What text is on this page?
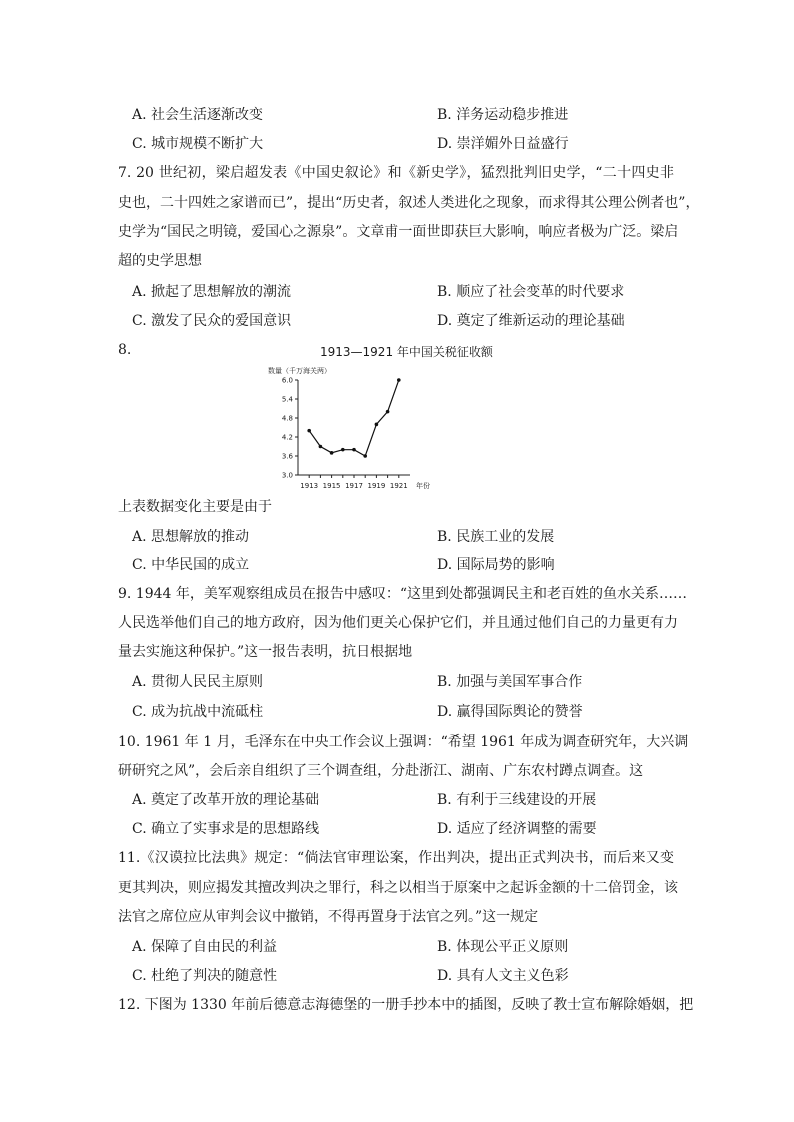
A. 社会生活逐渐改变	B. 洋务运动稳步推进
C. 城市规模不断扩大	D. 崇洋媚外日益盛行
7. 20 世纪初，梁启超发表《中国史叙论》和《新史学》，猛烈批判旧史学，“二十四史非
史也，二十四姓之家谱而已”，提出“历史者，叙述人类进化之现象，而求得其公理公例者也”，
史学为“国民之明镜，爱国心之源泉”。文章甫一面世即获巨大影响，响应者极为广泛。梁启
超的史学思想
A. 掀起了思想解放的潮流	B. 顺应了社会变革的时代要求
C. 激发了民众的爱国意识	D. 奠定了维新运动的理论基础
8.	1913—1921 年中国关税征收额
数量（千万海关两）
年份
3.0
3.6
4.2
4.8
5.4
6.0
1913 1915 1917 1919 1921
上表数据变化主要是由于
A. 思想解放的推动	B. 民族工业的发展
C. 中华民国的成立	D. 国际局势的影响
9. 1944 年，美军观察组成员在报告中感叹：“这里到处都强调民主和老百姓的鱼水关系……
人民选举他们自己的地方政府，因为他们更关心保护它们，并且通过他们自己的力量更有力
量去实施这种保护。”这一报告表明，抗日根据地
A. 贯彻人民民主原则	B. 加强与美国军事合作
C. 成为抗战中流砥柱	D. 赢得国际舆论的赞誉
10. 1961 年 1 月，毛泽东在中央工作会议上强调：“希望 1961 年成为调查研究年，大兴调
研研究之风”，会后亲自组织了三个调查组，分赴浙江、湖南、广东农村蹲点调查。这
A. 奠定了改革开放的理论基础	B. 有利于三线建设的开展
C. 确立了实事求是的思想路线	D. 适应了经济调整的需要
11.《汉谟拉比法典》规定：“倘法官审理讼案，作出判决，提出正式判决书，而后来又变
更其判决，则应揭发其擅改判决之罪行，科之以相当于原案中之起诉金额的十二倍罚金，该
法官之席位应从审判会议中撤销，不得再置身于法官之列。”这一规定
A. 保障了自由民的利益	B. 体现公平正义原则
C. 杜绝了判决的随意性	D. 具有人文主义色彩
12. 下图为 1330 年前后德意志海德堡的一册手抄本中的插图，反映了教士宣布解除婚姻，把
